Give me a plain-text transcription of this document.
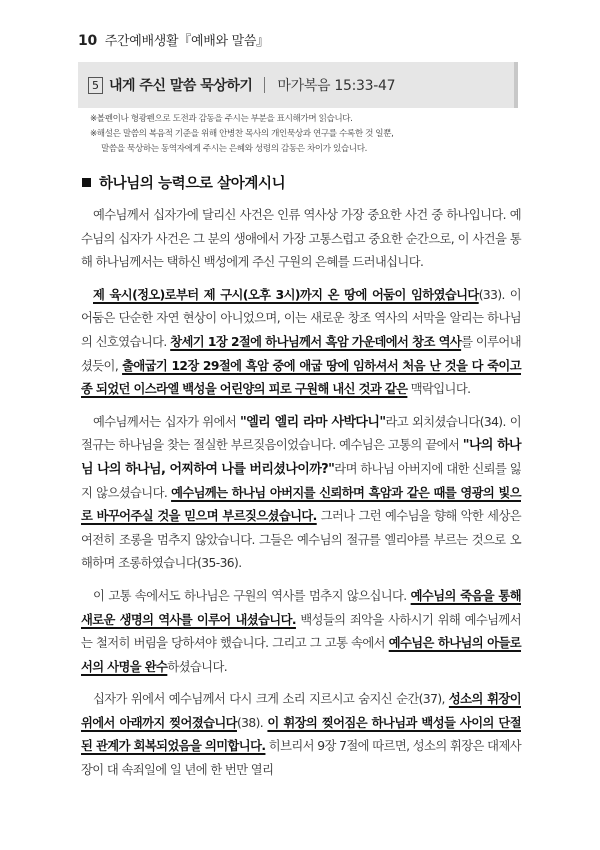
10 주간예배생활『예배와 말씀』
5 내게 주신 말씀 묵상하기 마가복음 15:33-47

※볼펜이나 형광펜으로 도전과 감동을 주시는 부분을 표시해가며 읽습니다.

※해설은 말씀의 복음적 기준을 위해 안병찬 목사의 개인묵상과 연구를 수록한 것 일뿐,

말씀을 묵상하는 동역자에게 주시는 은혜와 성령의 감동은 차이가 있습니다.

하나님의 능력으로 살아계시니

예수님께서 십자가에 달리신 사건은 인류 역사상 가장 중요한 사건 중 하나입니다. 예수님의 십자가 사건은 그 분의 생애에서 가장 고통스럽고 중요한 순간으로, 이 사건을 통해 하나님께서는 택하신 백성에게 주신 구원의 은혜를 드러내십니다.

제 육시(정오)로부터 제 구시(오후 3시)까지 온 땅에 어둠이 임하였습니다(33). 이 어둠은 단순한 자연 현상이 아니었으며, 이는 새로운 창조 역사의 서막을 알리는 하나님의 신호였습니다. 창세기 1장 2절에 하나님께서 흑암 가운데에서 창조 역사를 이루어내셨듯이, 출애굽기 12장 29절에 흑암 중에 애굽 땅에 임하셔서 처음 난 것을 다 죽이고 종 되었던 이스라엘 백성을 어린양의 피로 구원해 내신 것과 같은 맥락입니다.

예수님께서는 십자가 위에서 "엘리 엘리 라마 사박다니"라고 외치셨습니다(34). 이 절규는 하나님을 찾는 절실한 부르짖음이었습니다. 예수님은 고통의 끝에서 "나의 하나님 나의 하나님, 어찌하여 나를 버리셨나이까?"라며 하나님 아버지에 대한 신뢰를 잃지 않으셨습니다. 예수님께는 하나님 아버지를 신뢰하며 흑암과 같은 때를 영광의 빛으로 바꾸어주실 것을 믿으며 부르짖으셨습니다. 그러나 그런 예수님을 향해 악한 세상은 여전히 조롱을 멈추지 않았습니다. 그들은 예수님의 절규를 엘리야를 부르는 것으로 오해하며 조롱하였습니다(35-36).

이 고통 속에서도 하나님은 구원의 역사를 멈추지 않으십니다. 예수님의 죽음을 통해 새로운 생명의 역사를 이루어 내셨습니다. 백성들의 죄악을 사하시기 위해 예수님께서는 철저히 버림을 당하셔야 했습니다. 그리고 그 고통 속에서 예수님은 하나님의 아들로서의 사명을 완수하셨습니다.

십자가 위에서 예수님께서 다시 크게 소리 지르시고 숨지신 순간(37), 성소의 휘장이 위에서 아래까지 찢어졌습니다(38). 이 휘장의 찢어짐은 하나님과 백성들 사이의 단절된 관계가 회복되었음을 의미합니다. 히브리서 9장 7절에 따르면, 성소의 휘장은 대제사장이 대 속죄일에 일 년에 한 번만 열리
